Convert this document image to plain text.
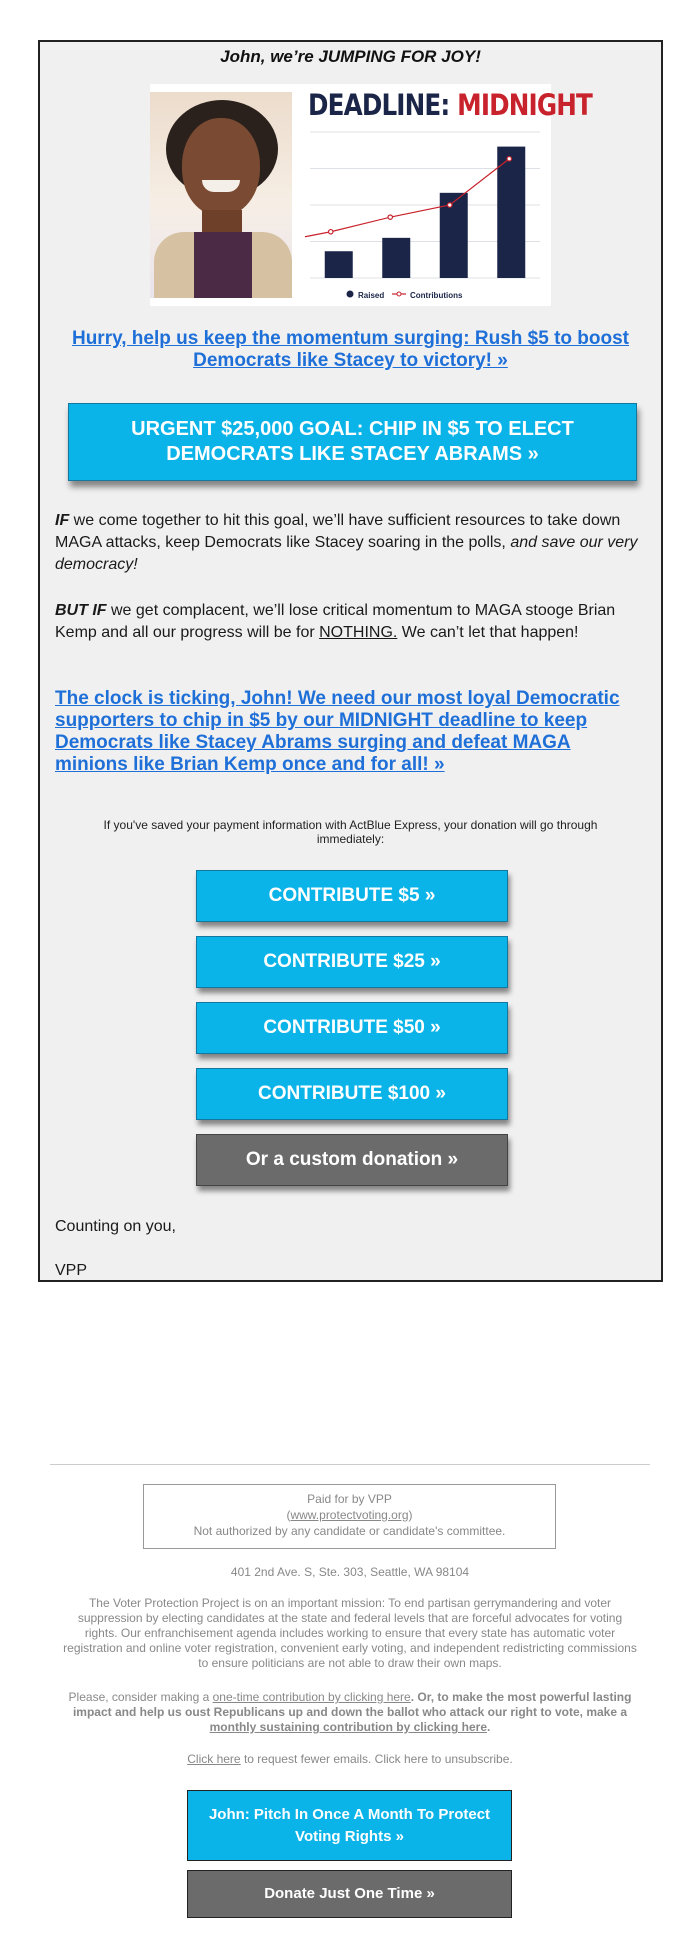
John, we’re JUMPING FOR JOY!
DEADLINE: MIDNIGHT
Raised	Contributions
Hurry, help us keep the momentum surging: Rush $5 to boost Democrats like Stacey to victory! »
URGENT $25,000 GOAL: CHIP IN $5 TO ELECT DEMOCRATS LIKE STACEY ABRAMS »
IF we come together to hit this goal, we’ll have sufficient resources to take down MAGA attacks, keep Democrats like Stacey soaring in the polls, and save our very democracy!
BUT IF we get complacent, we’ll lose critical momentum to MAGA stooge Brian Kemp and all our progress will be for NOTHING. We can’t let that happen!
The clock is ticking, John! We need our most loyal Democratic supporters to chip in $5 by our MIDNIGHT deadline to keep Democrats like Stacey Abrams surging and defeat MAGA minions like Brian Kemp once and for all! »
If you've saved your payment information with ActBlue Express, your donation will go through immediately:
CONTRIBUTE $5 »
CONTRIBUTE $25 »
CONTRIBUTE $50 »
CONTRIBUTE $100 »
Or a custom donation »
Counting on you,
VPP
Paid for by VPP
(www.protectvoting.org)
Not authorized by any candidate or candidate's committee.
401 2nd Ave. S, Ste. 303, Seattle, WA 98104
The Voter Protection Project is on an important mission: To end partisan gerrymandering and voter suppression by electing candidates at the state and federal levels that are forceful advocates for voting rights. Our enfranchisement agenda includes working to ensure that every state has automatic voter registration and online voter registration, convenient early voting, and independent redistricting commissions to ensure politicians are not able to draw their own maps.
Please, consider making a one-time contribution by clicking here. Or, to make the most powerful lasting impact and help us oust Republicans up and down the ballot who attack our right to vote, make a monthly sustaining contribution by clicking here.
Click here to request fewer emails. Click here to unsubscribe.
John: Pitch In Once A Month To Protect Voting Rights »
Donate Just One Time »
